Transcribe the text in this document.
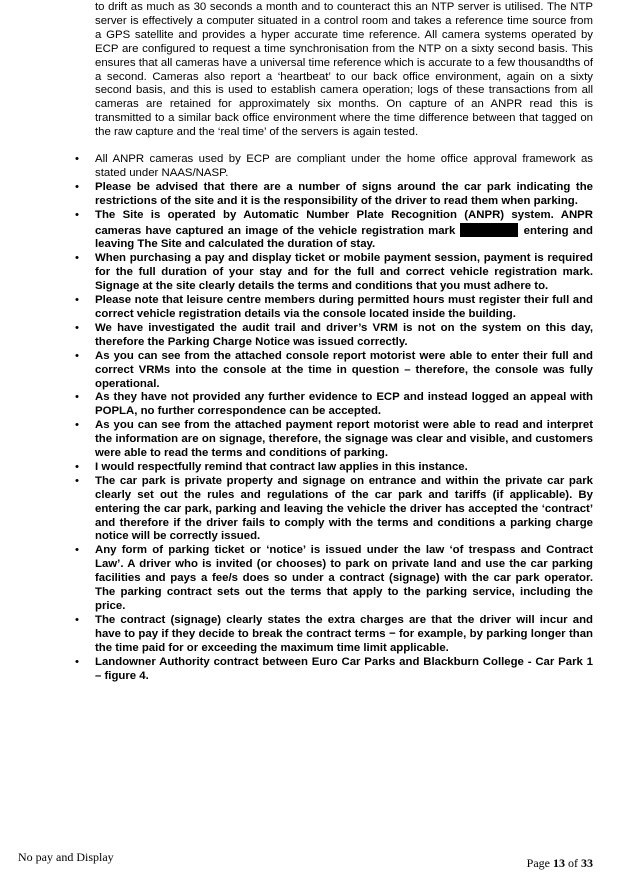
to drift as much as 30 seconds a month and to counteract this an NTP server is utilised. The NTP server is effectively a computer situated in a control room and takes a reference time source from a GPS satellite and provides a hyper accurate time reference. All camera systems operated by ECP are configured to request a time synchronisation from the NTP on a sixty second basis. This ensures that all cameras have a universal time reference which is accurate to a few thousandths of a second. Cameras also report a ‘heartbeat’ to our back office environment, again on a sixty second basis, and this is used to establish camera operation; logs of these transactions from all cameras are retained for approximately six months. On capture of an ANPR read this is transmitted to a similar back office environment where the time difference between that tagged on the raw capture and the ‘real time’ of the servers is again tested.

• All ANPR cameras used by ECP are compliant under the home office approval framework as stated under NAAS/NASP.
• Please be advised that there are a number of signs around the car park indicating the restrictions of the site and it is the responsibility of the driver to read them when parking.
• The Site is operated by Automatic Number Plate Recognition (ANPR) system. ANPR cameras have captured an image of the vehicle registration mark	entering and leaving The Site and calculated the duration of stay.
• When purchasing a pay and display ticket or mobile payment session, payment is required for the full duration of your stay and for the full and correct vehicle registration mark. Signage at the site clearly details the terms and conditions that you must adhere to.
• Please note that leisure centre members during permitted hours must register their full and correct vehicle registration details via the console located inside the building.
• We have investigated the audit trail and driver’s VRM is not on the system on this day, therefore the Parking Charge Notice was issued correctly.
• As you can see from the attached console report motorist were able to enter their full and correct VRMs into the console at the time in question – therefore, the console was fully operational.
• As they have not provided any further evidence to ECP and instead logged an appeal with POPLA, no further correspondence can be accepted.
• As you can see from the attached payment report motorist were able to read and interpret the information are on signage, therefore, the signage was clear and visible, and customers were able to read the terms and conditions of parking.
• I would respectfully remind that contract law applies in this instance.
• The car park is private property and signage on entrance and within the private car park clearly set out the rules and regulations of the car park and tariffs (if applicable). By entering the car park, parking and leaving the vehicle the driver has accepted the ‘contract’ and therefore if the driver fails to comply with the terms and conditions a parking charge notice will be correctly issued.
• Any form of parking ticket or ‘notice’ is issued under the law ‘of trespass and Contract Law’. A driver who is invited (or chooses) to park on private land and use the car parking facilities and pays a fee/s does so under a contract (signage) with the car park operator. The parking contract sets out the terms that apply to the parking service, including the price.
• The contract (signage) clearly states the extra charges are that the driver will incur and have to pay if they decide to break the contract terms − for example, by parking longer than the time paid for or exceeding the maximum time limit applicable.
• Landowner Authority contract between Euro Car Parks and Blackburn College - Car Park 1 – figure 4.
No pay and Display	Page 13 of 33
